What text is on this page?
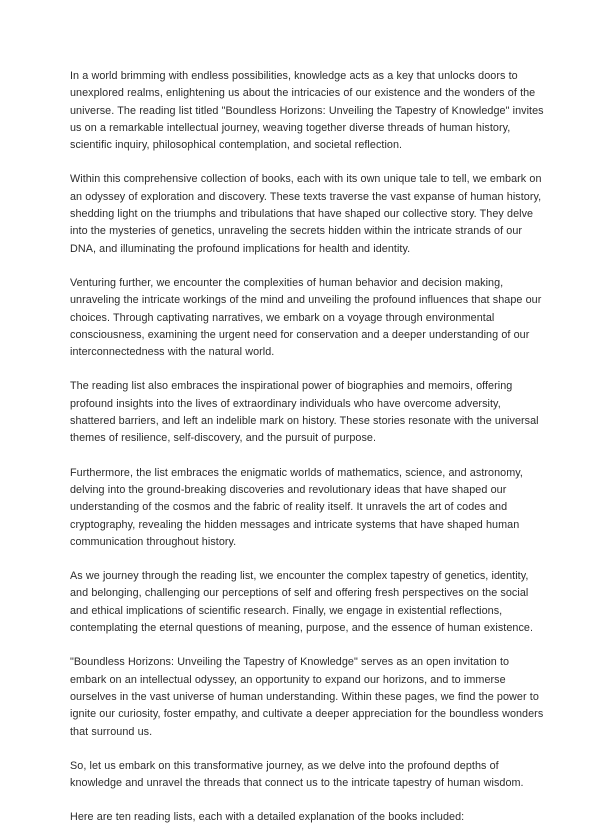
In a world brimming with endless possibilities, knowledge acts as a key that unlocks doors to unexplored realms, enlightening us about the intricacies of our existence and the wonders of the universe. The reading list titled "Boundless Horizons: Unveiling the Tapestry of Knowledge" invites us on a remarkable intellectual journey, weaving together diverse threads of human history, scientific inquiry, philosophical contemplation, and societal reflection.

Within this comprehensive collection of books, each with its own unique tale to tell, we embark on an odyssey of exploration and discovery. These texts traverse the vast expanse of human history, shedding light on the triumphs and tribulations that have shaped our collective story. They delve into the mysteries of genetics, unraveling the secrets hidden within the intricate strands of our DNA, and illuminating the profound implications for health and identity.

Venturing further, we encounter the complexities of human behavior and decision making, unraveling the intricate workings of the mind and unveiling the profound influences that shape our choices. Through captivating narratives, we embark on a voyage through environmental consciousness, examining the urgent need for conservation and a deeper understanding of our interconnectedness with the natural world.

The reading list also embraces the inspirational power of biographies and memoirs, offering profound insights into the lives of extraordinary individuals who have overcome adversity, shattered barriers, and left an indelible mark on history. These stories resonate with the universal themes of resilience, self-discovery, and the pursuit of purpose.

Furthermore, the list embraces the enigmatic worlds of mathematics, science, and astronomy, delving into the ground-breaking discoveries and revolutionary ideas that have shaped our understanding of the cosmos and the fabric of reality itself. It unravels the art of codes and cryptography, revealing the hidden messages and intricate systems that have shaped human communication throughout history.

As we journey through the reading list, we encounter the complex tapestry of genetics, identity, and belonging, challenging our perceptions of self and offering fresh perspectives on the social and ethical implications of scientific research. Finally, we engage in existential reflections, contemplating the eternal questions of meaning, purpose, and the essence of human existence.

"Boundless Horizons: Unveiling the Tapestry of Knowledge" serves as an open invitation to embark on an intellectual odyssey, an opportunity to expand our horizons, and to immerse ourselves in the vast universe of human understanding. Within these pages, we find the power to ignite our curiosity, foster empathy, and cultivate a deeper appreciation for the boundless wonders that surround us.

So, let us embark on this transformative journey, as we delve into the profound depths of knowledge and unravel the threads that connect us to the intricate tapestry of human wisdom.

Here are ten reading lists, each with a detailed explanation of the books included:
